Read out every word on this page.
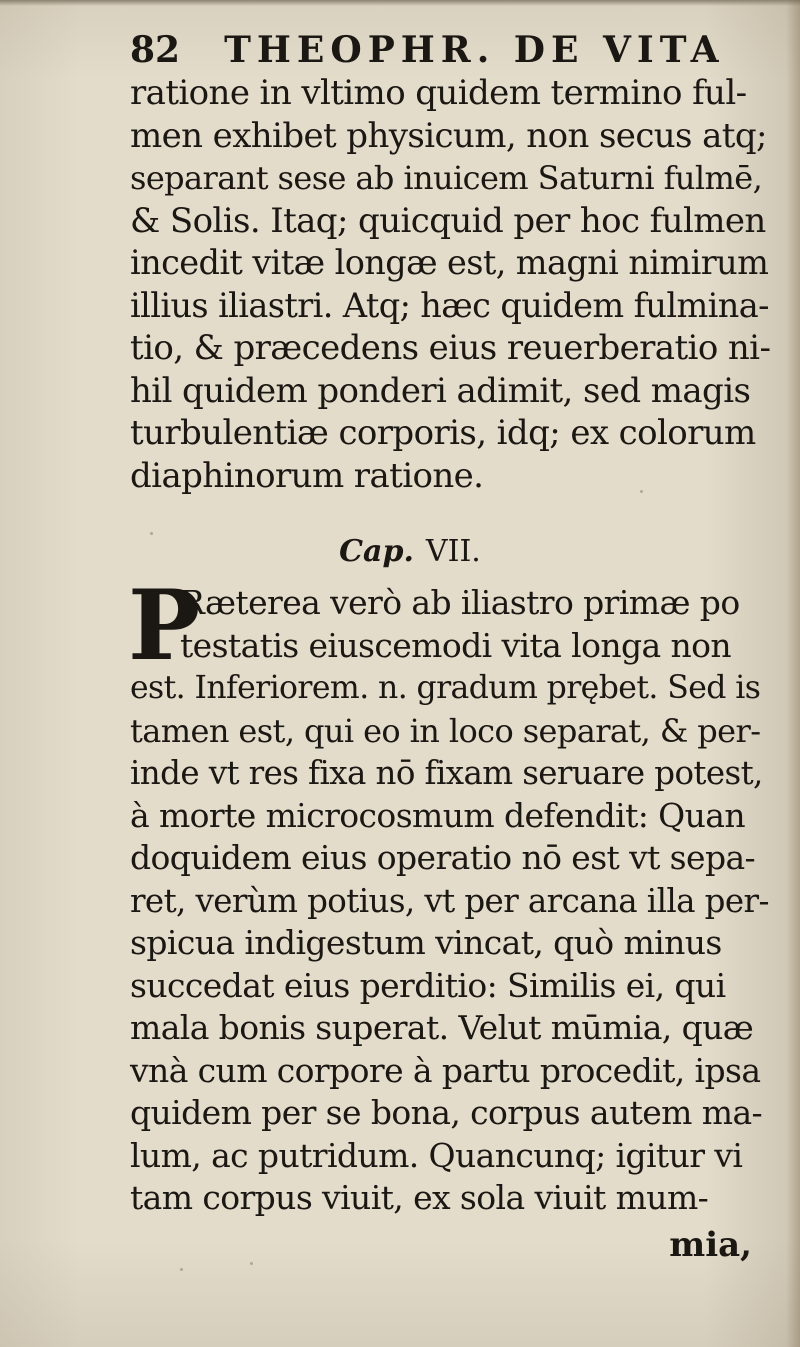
82 THEOPHR. DE VITA
ratione in vltimo quidem termino ful-
men exhibet physicum, non secus atq;
separant sese ab inuicem Saturni fulmē,
& Solis. Itaq; quicquid per hoc fulmen
incedit vitæ longæ est, magni nimirum
illius iliastri. Atq; hæc quidem fulmina-
tio, & præcedens eius reuerberatio ni-
hil quidem ponderi adimit, sed magis
turbulentiæ corporis, idq; ex colorum
diaphinorum ratione.
Cap. VII.
P
Ræterea verò ab iliastro primæ po
testatis eiuscemodi vita longa non
est. Inferiorem. n. gradum prębet. Sed is
tamen est, qui eo in loco separat, & per-
inde vt res fixa nō fixam seruare potest,
à morte microcosmum defendit: Quan
doquidem eius operatio nō est vt sepa-
ret, verùm potius, vt per arcana illa per-
spicua indigestum vincat, quò minus
succedat eius perditio: Similis ei, qui
mala bonis superat. Velut mūmia, quæ
vnà cum corpore à partu procedit, ipsa
quidem per se bona, corpus autem ma-
lum, ac putridum. Quancunq; igitur vi
tam corpus viuit, ex sola viuit mum-
mia,
